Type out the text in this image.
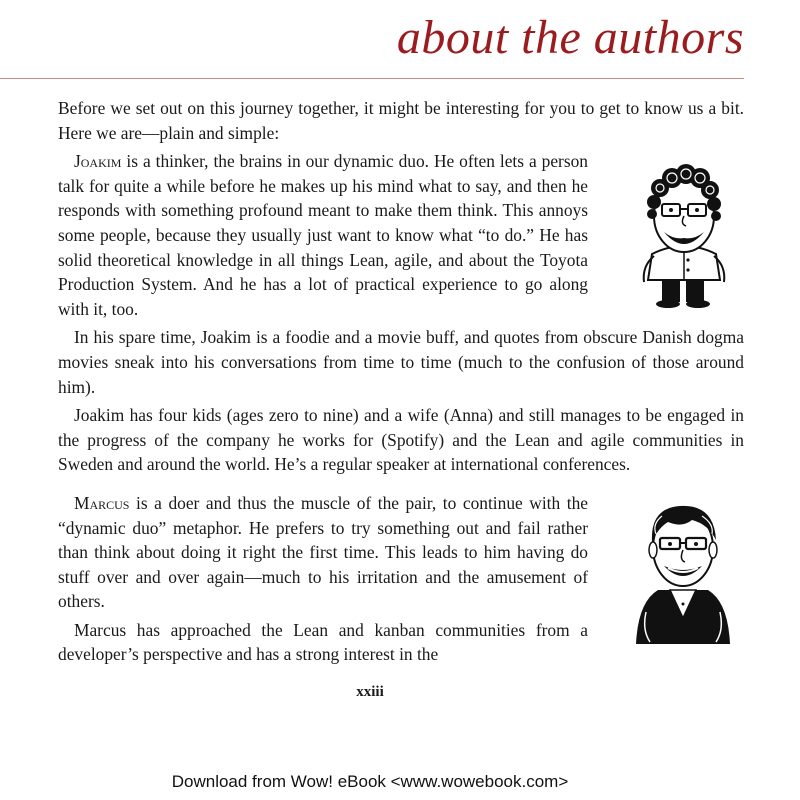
about the authors

Before we set out on this journey together, it might be interesting for you to get to know us a bit. Here we are—plain and simple:

Joakim is a thinker, the brains in our dynamic duo. He often lets a person talk for quite a while before he makes up his mind what to say, and then he responds with something profound meant to make them think. This annoys some people, because they usually just want to know what “to do.” He has solid theoretical knowledge in all things Lean, agile, and about the Toyota Production System. And he has a lot of practical experience to go along with it, too.

In his spare time, Joakim is a foodie and a movie buff, and quotes from obscure Danish dogma movies sneak into his conversations from time to time (much to the confusion of those around him).

Joakim has four kids (ages zero to nine) and a wife (Anna) and still manages to be engaged in the progress of the company he works for (Spotify) and the Lean and agile communities in Sweden and around the world. He’s a regular speaker at international conferences.

Marcus is a doer and thus the muscle of the pair, to continue with the “dynamic duo” metaphor. He prefers to try something out and fail rather than think about doing it right the first time. This leads to him having do stuff over and over again—much to his irritation and the amusement of others.

Marcus has approached the Lean and kanban communities from a developer’s perspective and has a strong interest in the

xxiii
Download from Wow! eBook <www.wowebook.com>
